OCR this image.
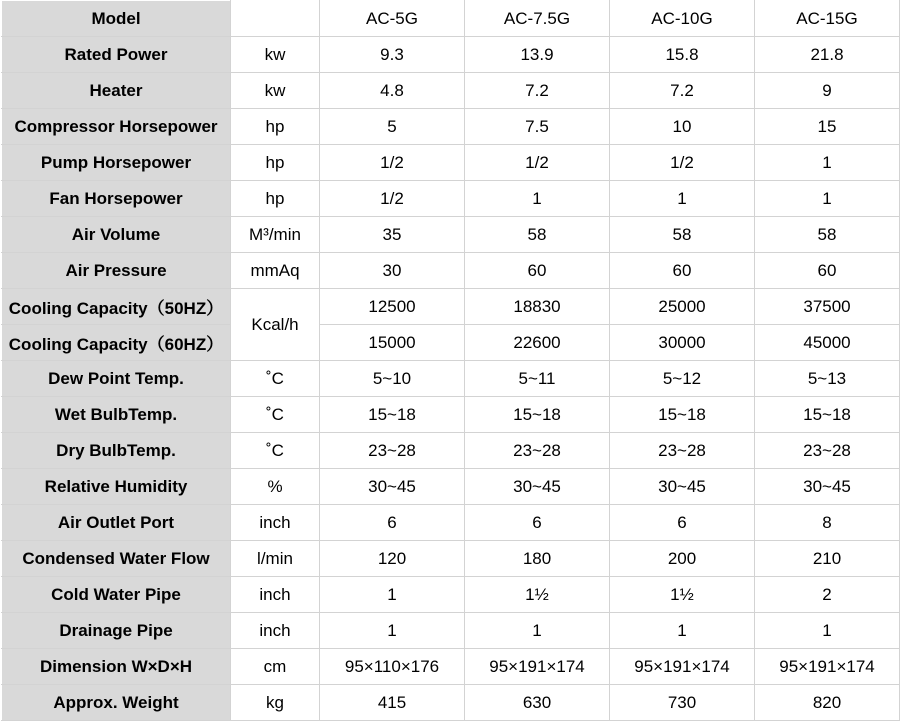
Model		AC-5G	AC-7.5G	AC-10G	AC-15G
Rated Power	kw	9.3	13.9	15.8	21.8
Heater	kw	4.8	7.2	7.2	9
Compressor Horsepower	hp	5	7.5	10	15
Pump Horsepower	hp	1/2	1/2	1/2	1
Fan Horsepower	hp	1/2	1	1	1
Air Volume	M³/min	35	58	58	58
Air Pressure	mmAq	30	60	60	60
Cooling Capacity（50HZ）	Kcal/h	12500	18830	25000	37500
Cooling Capacity（60HZ）		15000	22600	30000	45000
Dew Point Temp.	˚C	5~10	5~11	5~12	5~13
Wet BulbTemp.	˚C	15~18	15~18	15~18	15~18
Dry BulbTemp.	˚C	23~28	23~28	23~28	23~28
Relative Humidity	%	30~45	30~45	30~45	30~45
Air Outlet Port	inch	6	6	6	8
Condensed Water Flow	l/min	120	180	200	210
Cold Water Pipe	inch	1	1½	1½	2
Drainage Pipe	inch	1	1	1	1
Dimension W×D×H	cm	95×110×176	95×191×174	95×191×174	95×191×174
Approx. Weight	kg	415	630	730	820
